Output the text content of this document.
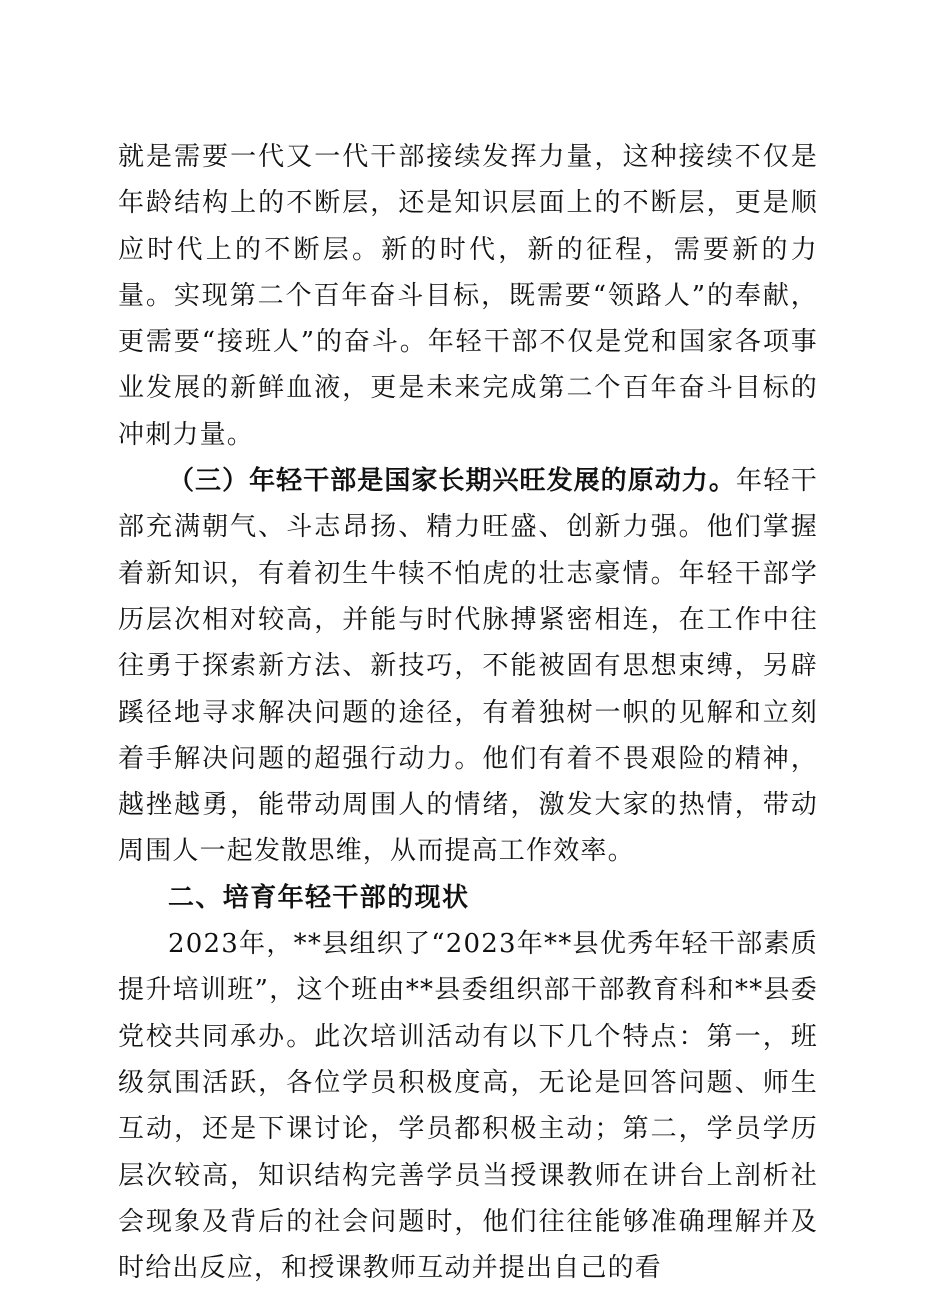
就是需要一代又一代干部接续发挥力量，这种接续不仅是年龄结构上的不断层，还是知识层面上的不断层，更是顺应时代上的不断层。新的时代，新的征程，需要新的力量。实现第二个百年奋斗目标，既需要“领路人”的奉献，更需要“接班人”的奋斗。年轻干部不仅是党和国家各项事业发展的新鲜血液，更是未来完成第二个百年奋斗目标的冲刺力量。

（三）年轻干部是国家长期兴旺发展的原动力。年轻干部充满朝气、斗志昂扬、精力旺盛、创新力强。他们掌握着新知识，有着初生牛犊不怕虎的壮志豪情。年轻干部学历层次相对较高，并能与时代脉搏紧密相连，在工作中往往勇于探索新方法、新技巧，不能被固有思想束缚，另辟蹊径地寻求解决问题的途径，有着独树一帜的见解和立刻着手解决问题的超强行动力。他们有着不畏艰险的精神，越挫越勇，能带动周围人的情绪，激发大家的热情，带动周围人一起发散思维，从而提高工作效率。

二、培育年轻干部的现状

2023年，**县组织了“2023年**县优秀年轻干部素质提升培训班”，这个班由**县委组织部干部教育科和**县委党校共同承办。此次培训活动有以下几个特点：第一，班级氛围活跃，各位学员积极度高，无论是回答问题、师生互动，还是下课讨论，学员都积极主动；第二，学员学历层次较高，知识结构完善学员当授课教师在讲台上剖析社会现象及背后的社会问题时，他们往往能够准确理解并及时给出反应，和授课教师互动并提出自己的看
